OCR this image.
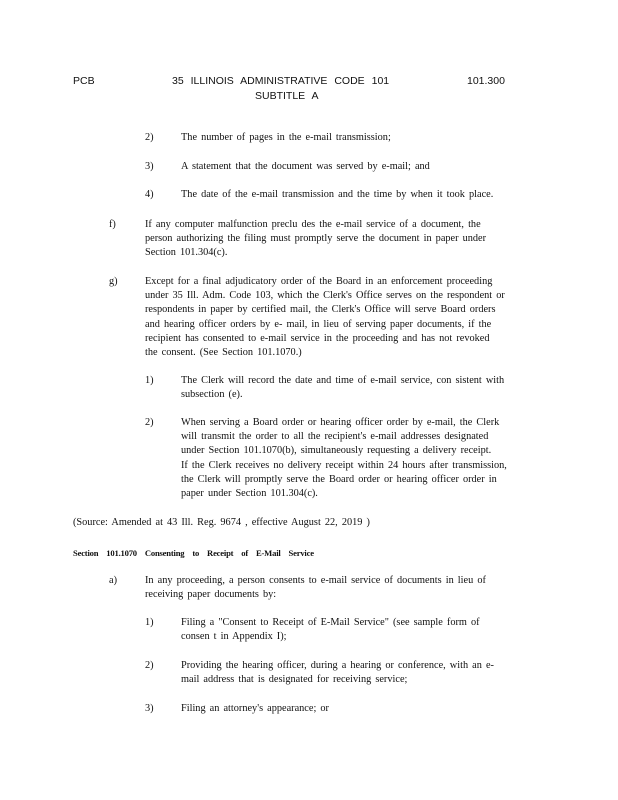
PCB	35 ILLINOIS ADMINISTRATIVE CODE 101
SUBTITLE A
101.300
2)	The number of pages in the e-mail transmission;
3)	A statement that the document was served by e-mail; and
4)	The date of the e-mail transmission and the time by when it took place.
f)	If any computer malfunction preclu des the e-mail service of a document, the
person authorizing the filing must promptly serve the document in paper under
Section 101.304(c).
g)	Except for a final adjudicatory order of the Board in an enforcement proceeding
under 35 Ill. Adm. Code 103, which the Clerk's Office serves on the respondent or
respondents in paper by certified mail, the Clerk's Office will serve Board orders
and hearing officer orders by e- mail, in lieu of serving paper documents, if the
recipient has consented to e-mail service in the proceeding and has not revoked
the consent. (See Section 101.1070.)
1)	The Clerk will record the date and time of e-mail service, con sistent with
subsection (e).
2)	When serving a Board order or hearing officer order by e-mail, the Clerk
will transmit the order to all the recipient's e-mail addresses designated
under Section 101.1070(b), simultaneously requesting a delivery receipt.
If the Clerk receives no delivery receipt within 24 hours after transmission,
the Clerk will promptly serve the Board order or hearing officer order in
paper under Section 101.304(c).
(Source: Amended at 43 Ill. Reg. 9674 , effective August 22, 2019 )
Section 101.1070 Consenting to Receipt of E-Mail Service
a)	In any proceeding, a person consents to e-mail service of documents in lieu of
receiving paper documents by:
1)	Filing a "Consent to Receipt of E-Mail Service" (see sample form of
consen t in Appendix I);
2)	Providing the hearing officer, during a hearing or conference, with an e-
mail address that is designated for receiving service;
3)	Filing an attorney's appearance; or
